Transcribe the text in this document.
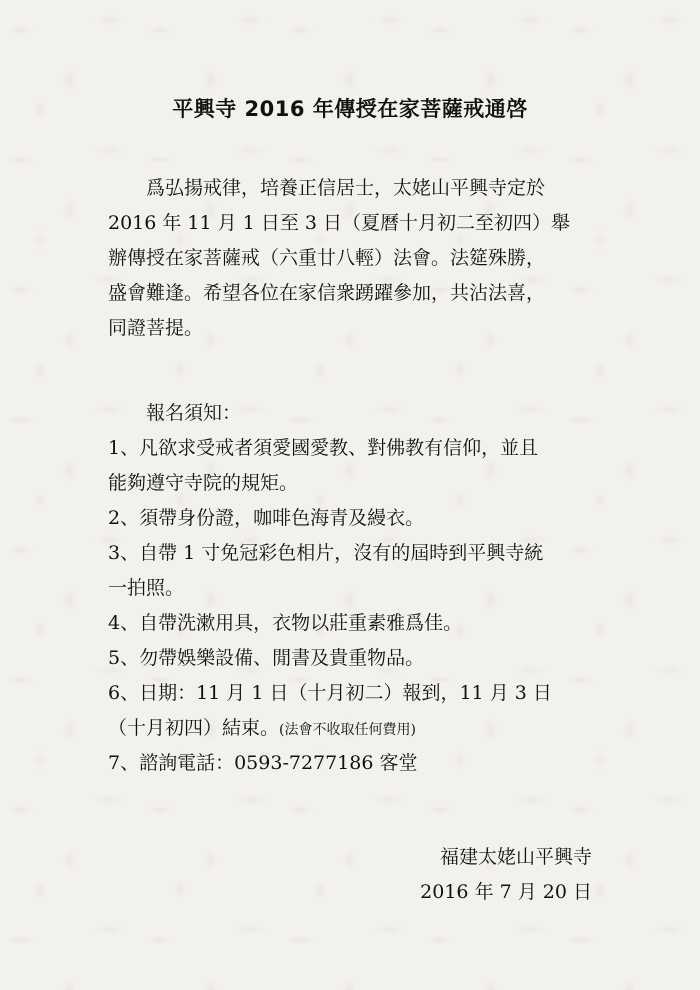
平興寺 2016 年傳授在家菩薩戒通啓
　　爲弘揚戒律，培養正信居士，太姥山平興寺定於
2016 年 11 月 1 日至 3 日（夏曆十月初二至初四）舉
辦傳授在家菩薩戒（六重廿八輕）法會。法筵殊勝，
盛會難逢。希望各位在家信衆踴躍參加，共沾法喜，
同證菩提。
　　報名須知：
1、凡欲求受戒者須愛國愛教、對佛教有信仰，並且
能夠遵守寺院的規矩。
2、須帶身份證，咖啡色海青及縵衣。
3、自帶 1 寸免冠彩色相片，沒有的屆時到平興寺統
一拍照。
4、自帶洗漱用具，衣物以莊重素雅爲佳。
5、勿帶娛樂設備、閒書及貴重物品。
6、日期：11 月 1 日（十月初二）報到，11 月 3 日
（十月初四）結束。(法會不收取任何費用)
7、諮詢電話：0593-7277186 客堂
福建太姥山平興寺
2016 年 7 月 20 日
